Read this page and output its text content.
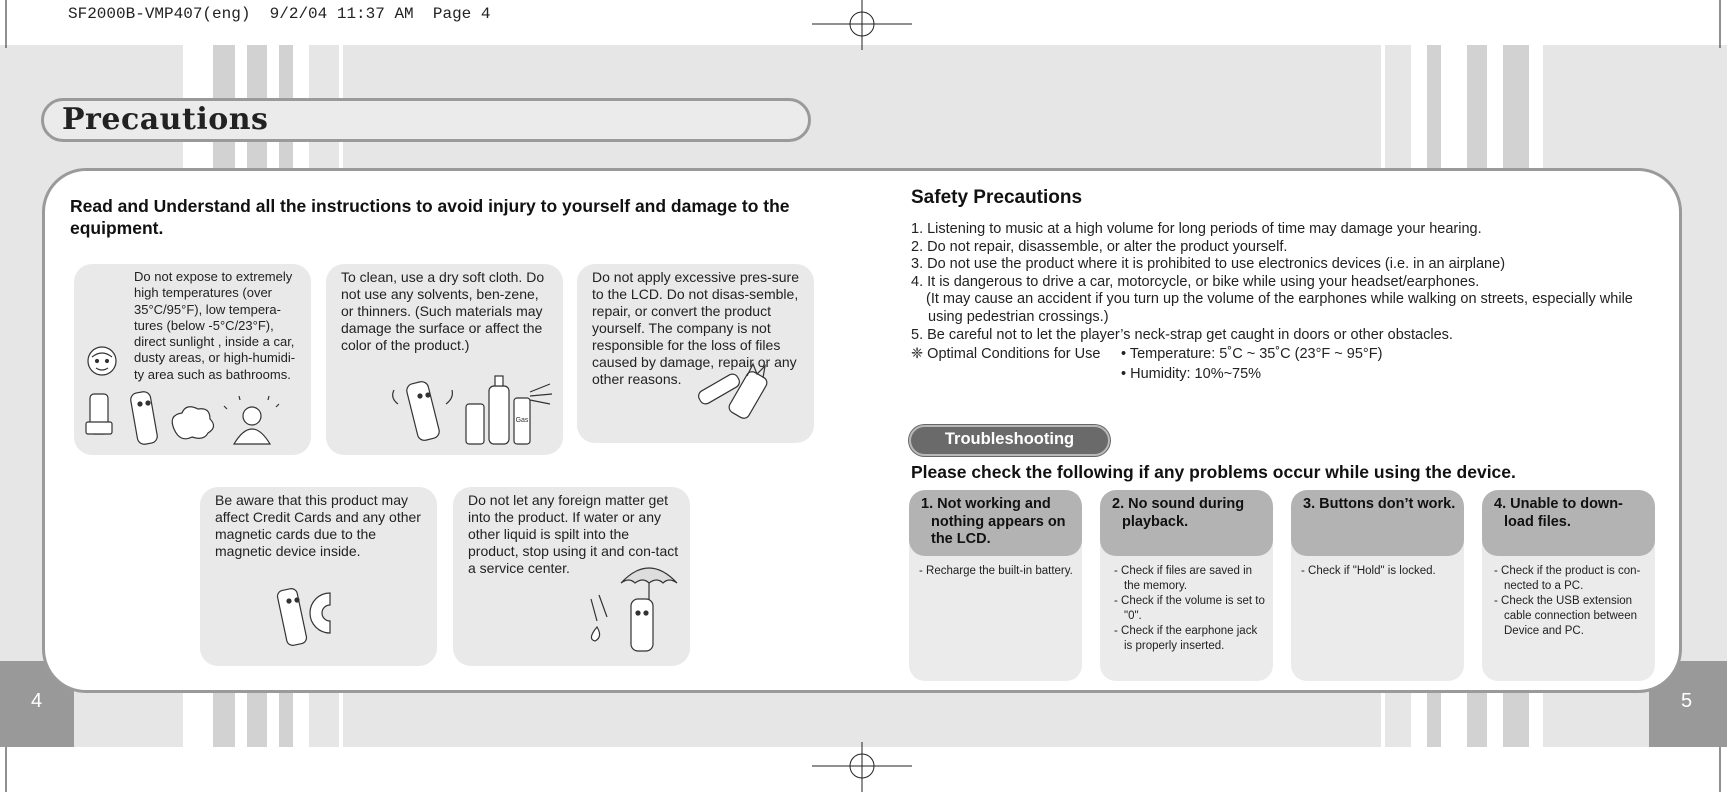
SF2000B-VMP407(eng)  9/2/04 11:37 AM  Page 4
4	5
Precautions
Read and Understand all the instructions to avoid injury to yourself and damage to the equipment.
Do not expose to extremely high temperatures (over 35°C/95°F), low tempera-tures (below -5°C/23°F), direct sunlight , inside a car, dusty areas, or high-humidi-ty area such as bathrooms.
To clean, use a dry soft cloth. Do not use any solvents, ben-zene, or thinners. (Such materials may damage the surface or affect the color of the product.)
Gas
Do not apply excessive pres-sure to the LCD. Do not disas-semble, repair, or convert the product yourself. The company is not responsible for the loss of files caused by damage, repair or any other reasons.
Be aware that this product may affect Credit Cards and any other magnetic cards due to the magnetic device inside.
Do not let any foreign matter get into the product. If water or any other liquid is spilt into the product, stop using it and con-tact a service center.
Safety Precautions
1. Listening to music at a high volume for long periods of time may damage your hearing.
2. Do not repair, disassemble, or alter the product yourself.
3. Do not use the product where it is prohibited to use electronics devices (i.e. in an airplane)
4. It is dangerous to drive a car, motorcycle, or bike while using your headset/earphones.
(It may cause an accident if you turn up the volume of the earphones while walking on streets, especially while using pedestrian crossings.)
5. Be careful not to let the player’s neck-strap get caught in doors or other obstacles.
❈ Optimal Conditions for Use • Temperature: 5˚C ~ 35˚C (23°F ~ 95°F)
• Humidity: 10%~75%
Troubleshooting
Please check the following if any problems occur while using the device.
1. Not working and nothing appears on the LCD.
- Recharge the built-in battery.
2. No sound during playback.
- Check if files are saved in the memory.
- Check if the volume is set to "0".
- Check if the earphone jack is properly inserted.
3. Buttons don’t work.
- Check if "Hold" is locked.
4. Unable to down-load files.
- Check if the product is con-nected to a PC.
- Check the USB extension cable connection between Device and PC.
